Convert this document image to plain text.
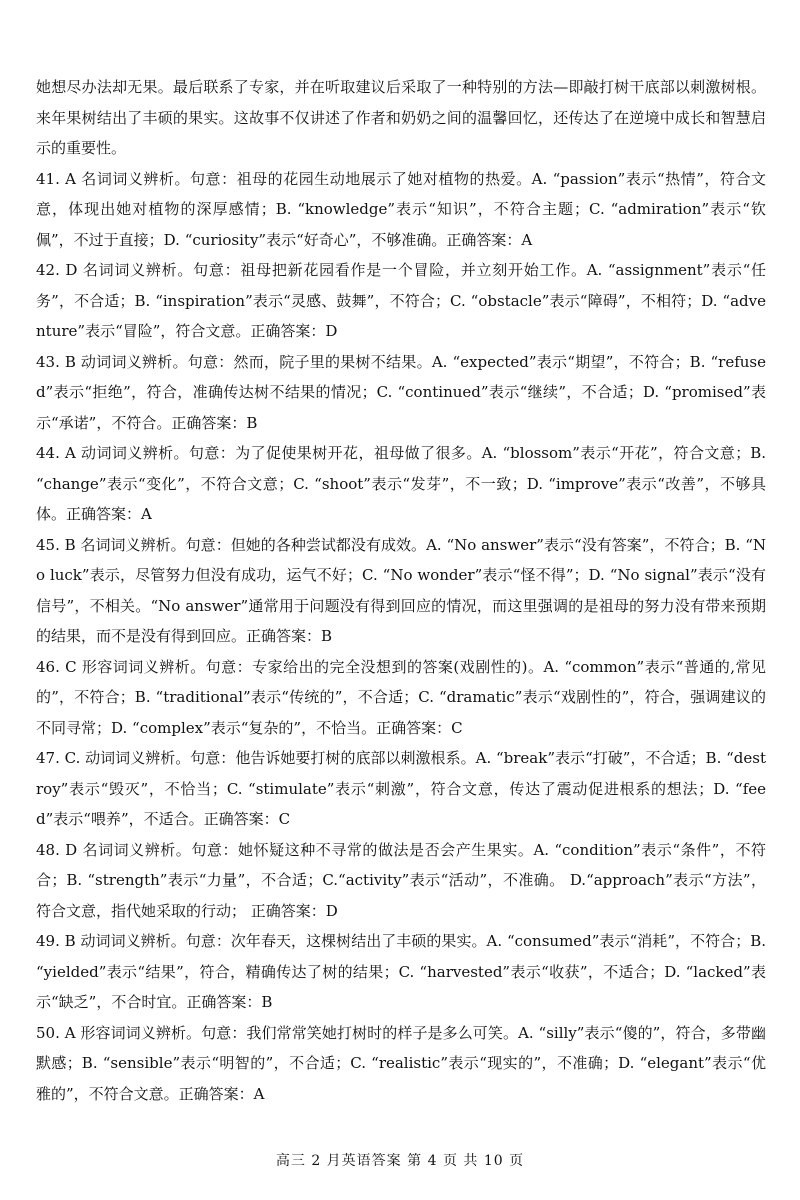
她想尽办法却无果。最后联系了专家，并在听取建议后采取了一种特别的方法—即敲打树干底部以刺激树根。来年果树结出了丰硕的果实。这故事不仅讲述了作者和奶奶之间的温馨回忆，还传达了在逆境中成长和智慧启示的重要性。

41. A 名词词义辨析。句意：祖母的花园生动地展示了她对植物的热爱。A. “passion”表示“热情”，符合文意，体现出她对植物的深厚感情；B. “knowledge”表示“知识”，不符合主题；C. “admiration”表示“钦佩”，不过于直接；D. “curiosity”表示“好奇心”，不够准确。正确答案：A

42. D 名词词义辨析。句意：祖母把新花园看作是一个冒险，并立刻开始工作。A. “assignment”表示“任务”，不合适；B. “inspiration”表示“灵感、鼓舞”，不符合；C. “obstacle”表示“障碍”，不相符；D. “adventure”表示“冒险”，符合文意。正确答案：D

43. B 动词词义辨析。句意：然而，院子里的果树不结果。A. “expected”表示“期望”，不符合；B. “refused”表示“拒绝”，符合，准确传达树不结果的情况；C. “continued”表示“继续”，不合适；D. “promised”表示“承诺”，不符合。正确答案：B

44. A 动词词义辨析。句意：为了促使果树开花，祖母做了很多。A. “blossom”表示“开花”，符合文意；B. “change”表示“变化”，不符合文意；C. “shoot”表示“发芽”，不一致；D. “improve”表示“改善”，不够具体。正确答案：A

45. B 名词词义辨析。句意：但她的各种尝试都没有成效。A. “No answer”表示“没有答案”，不符合；B. “No luck”表示，尽管努力但没有成功，运气不好；C. “No wonder”表示“怪不得”；D. “No signal”表示“没有信号”，不相关。“No answer”通常用于问题没有得到回应的情况，而这里强调的是祖母的努力没有带来预期的结果，而不是没有得到回应。正确答案：B

46. C 形容词词义辨析。句意：专家给出的完全没想到的答案(戏剧性的)。A. “common”表示“普通的,常见的”，不符合；B. “traditional”表示“传统的”，不合适；C. “dramatic”表示“戏剧性的”，符合，强调建议的不同寻常；D. “complex”表示“复杂的”，不恰当。正确答案：C

47. C. 动词词义辨析。句意：他告诉她要打树的底部以刺激根系。A. “break”表示“打破”，不合适；B. “destroy”表示“毁灭”，不恰当；C. “stimulate”表示“刺激”，符合文意，传达了震动促进根系的想法；D. “feed”表示“喂养”，不适合。正确答案：C

48. D 名词词义辨析。句意：她怀疑这种不寻常的做法是否会产生果实。A. “condition”表示“条件”，不符合；B. “strength”表示“力量”，不合适；C.“activity”表示“活动”，不准确。 D.“approach”表示“方法”，符合文意，指代她采取的行动； 正确答案：D

49. B 动词词义辨析。句意：次年春天，这棵树结出了丰硕的果实。A. “consumed”表示“消耗”，不符合；B. “yielded”表示“结果”，符合，精确传达了树的结果；C. “harvested”表示“收获”，不适合；D. “lacked”表示“缺乏”，不合时宜。正确答案：B

50. A 形容词词义辨析。句意：我们常常笑她打树时的样子是多么可笑。A. “silly”表示“傻的”，符合，多带幽默感；B. “sensible”表示“明智的”，不合适；C. “realistic”表示“现实的”，不准确；D. “elegant”表示“优雅的”，不符合文意。正确答案：A

高三 2 月英语答案 第 4 页 共 10 页
